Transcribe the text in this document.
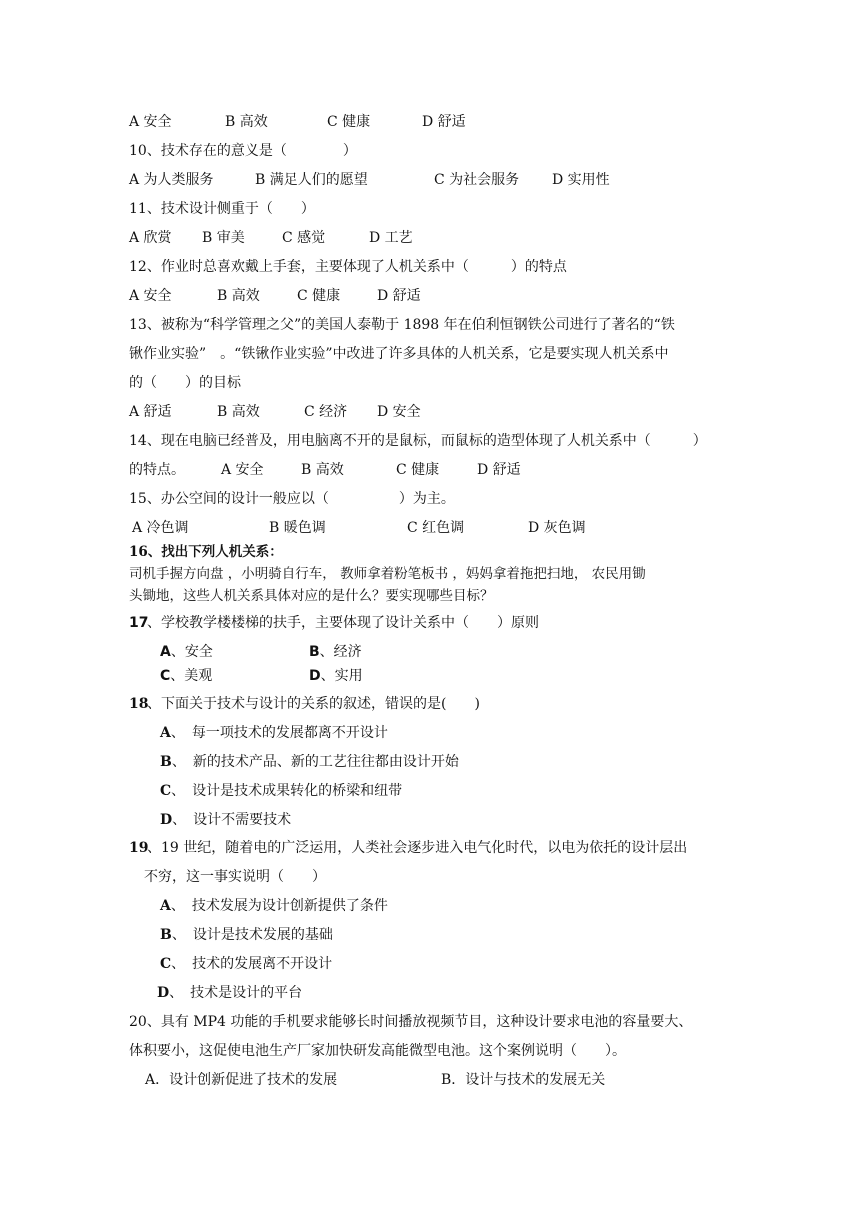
A 安全	B 高效	C 健康	D 舒适
10、技术存在的意义是（　　　　）
A 为人类服务	B 满足人们的愿望	C 为社会服务 D 实用性
11、技术设计侧重于（　　）
A 欣赏 B 审美	C 感觉	D 工艺
12、作业时总喜欢戴上手套，主要体现了人机关系中（　　　）的特点
A 安全	B 高效	C 健康	D 舒适
13、被称为“科学管理之父”的美国人泰勒于 1898 年在伯利恒钢铁公司进行了著名的“铁
锹作业实验”　。“铁锹作业实验”中改进了许多具体的人机关系，它是要实现人机关系中
的（　　）的目标
A 舒适	B 高效	C 经济 D 安全
14、现在电脑已经普及，用电脑离不开的是鼠标，而鼠标的造型体现了人机关系中（　　　）
的特点。	A 安全	B 高效	C 健康	D 舒适
15、办公空间的设计一般应以（　　　　　）为主。
A 冷色调	B 暖色调	C 红色调	D 灰色调
16、找出下列人机关系：
司机手握方向盘 ，小明骑自行车， 教师拿着粉笔板书 ，妈妈拿着拖把扫地， 农民用锄
头锄地，这些人机关系具体对应的是什么？要实现哪些目标？
17
、学校教学楼楼梯的扶手，主要体现了设计关系中（　　）原则
A、安全	B、经济
C、美观	D、实用
18
、下面关于技术与设计的关系的叙述，错误的是(　　)
A、　每一项技术的发展都离不开设计
B、　新的技术产品、新的工艺往往都由设计开始
C、　设计是技术成果转化的桥梁和纽带
D、　设计不需要技术
19
、19 世纪，随着电的广泛运用，人类社会逐步进入电气化时代，以电为依托的设计层出
不穷，这一事实说明（　　）
A、　技术发展为设计创新提供了条件
B、　设计是技术发展的基础
C、　技术的发展离不开设计
D、　技术是设计的平台
20、具有 MP4 功能的手机要求能够长时间播放视频节目，这种设计要求电池的容量要大、
体积要小，这促使电池生产厂家加快研发高能微型电池。这个案例说明（　　）。
A．设计创新促进了技术的发展	B．设计与技术的发展无关
